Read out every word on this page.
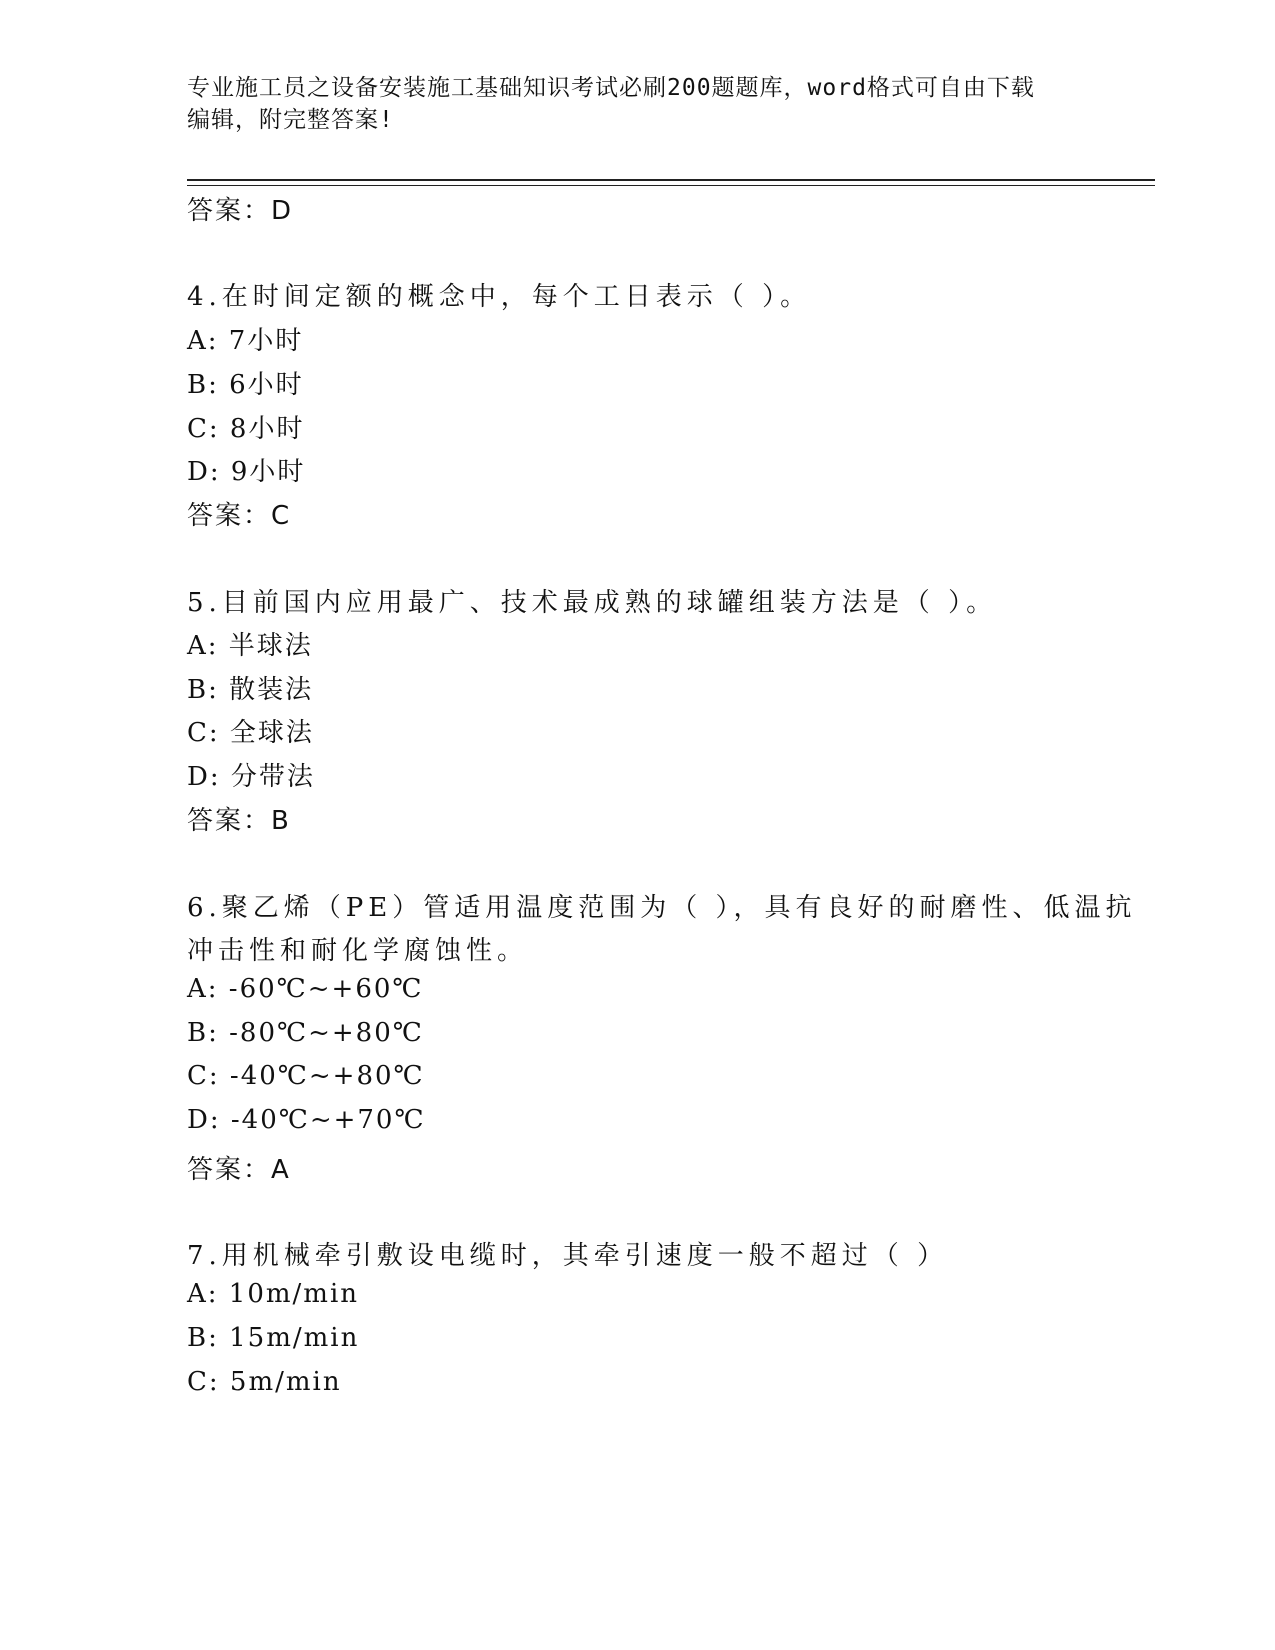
专业施工员之设备安装施工基础知识考试必刷200题题库，word格式可自由下载
编辑，附完整答案!
答案：D
4.在时间定额的概念中，每个工日表示（ ）。
A: 7小时
B: 6小时
C: 8小时
D: 9小时
答案：C
5.目前国内应用最广、技术最成熟的球罐组装方法是（ ）。
A: 半球法
B: 散装法
C: 全球法
D: 分带法
答案：B
6.聚乙烯（PE）管适用温度范围为（ ），具有良好的耐磨性、低温抗
冲击性和耐化学腐蚀性。
A: -60℃~+60℃
B: -80℃~+80℃
C: -40℃~+80℃
D: -40℃~+70℃
答案：A
7.用机械牵引敷设电缆时，其牵引速度一般不超过（ ）
A: 10m/min
B: 15m/min
C: 5m/min
